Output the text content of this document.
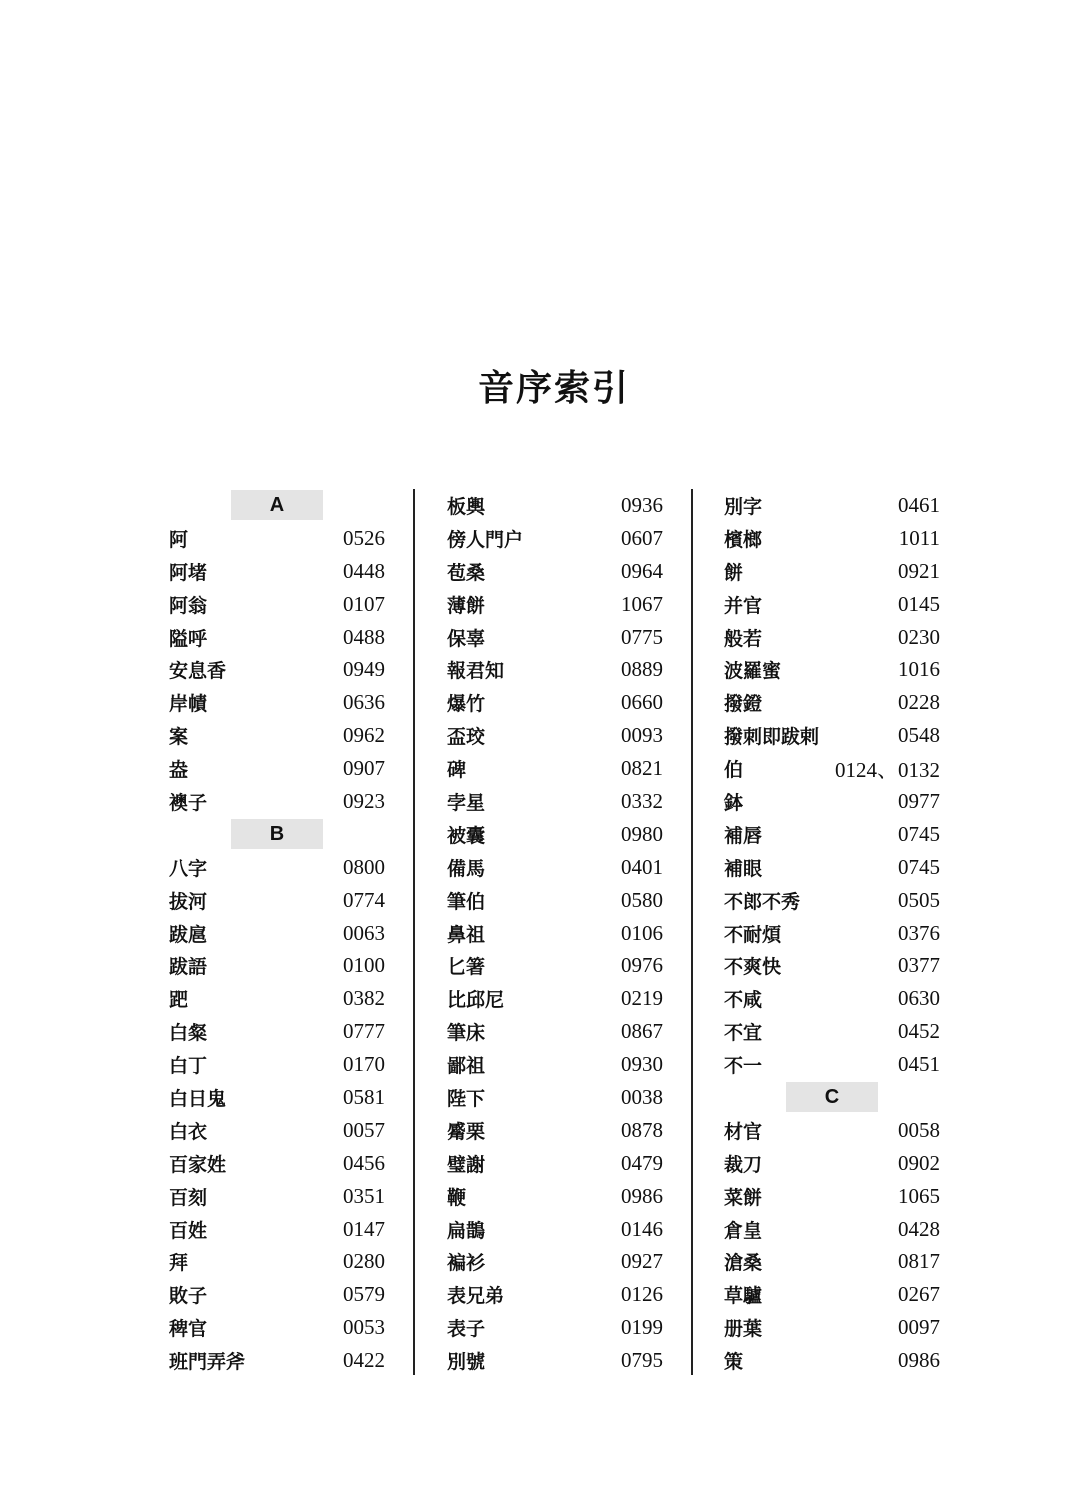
音序索引
A
阿	0526
阿堵	0448
阿翁	0107
隘呼	0488
安息香	0949
岸幘	0636
案	0962
盎	0907
襖子	0923
B
八字	0800
拔河	0774
跋扈	0063
跋語	0100
跁	0382
白粲	0777
白丁	0170
白日鬼	0581
白衣	0057
百家姓	0456
百刻	0351
百姓	0147
拜	0280
敗子	0579
稗官	0053
班門弄斧	0422
板輿	0936
傍人門户	0607
苞桑	0964
薄餅	1067
保辜	0775
報君知	0889
爆竹	0660
盃珓	0093
碑	0821
孛星	0332
被囊	0980
備馬	0401
筆伯	0580
鼻祖	0106
匕箸	0976
比邱尼	0219
筆床	0867
鄙祖	0930
陛下	0038
觱栗	0878
璧謝	0479
鞭	0986
扁鵲	0146
褊衫	0927
表兄弟	0126
表子	0199
別號	0795
別字	0461
檳榔	1011
餅	0921
并官	0145
般若	0230
波羅蜜	1016
撥鐙	0228
撥刺即跋剌	0548
伯	0124、0132
鉢	0977
補唇	0745
補眼	0745
不郎不秀	0505
不耐煩	0376
不爽快	0377
不咸	0630
不宜	0452
不一	0451
C
材官	0058
裁刀	0902
菜餅	1065
倉皇	0428
滄桑	0817
草驢	0267
册葉	0097
策	0986
